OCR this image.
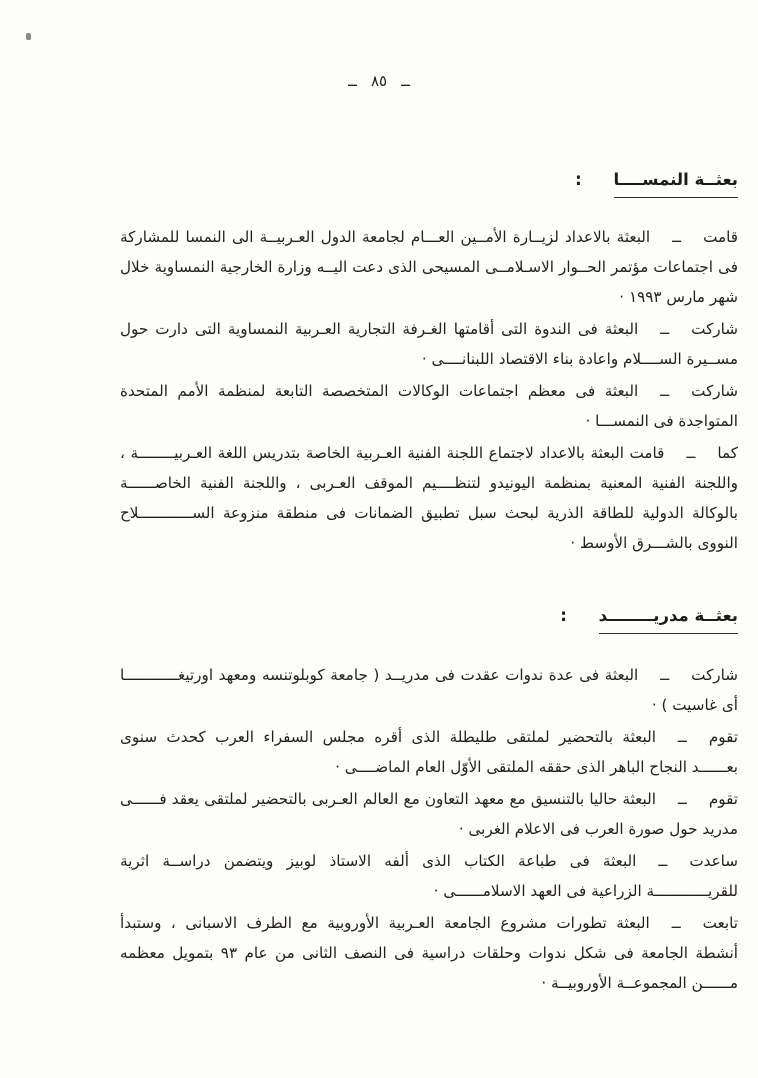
ــ٨٥ــ
بعثــة النمســــا :

قامتــالبعثة بالاعداد لزيــارة الأمــين العـــام لجامعة الدول العـربيــة الى النمسا للمشاركة فى اجتماعات مؤتمر الحــوار الاسـلامــى المسيحى الذى دعت اليــه وزارة الخارجية النمساوية خلال شهر مارس ١٩٩٣ ·

شاركتــالبعثة فى الندوة التى أقامتها الغـرفة التجارية العـربية النمساوية التى دارت حول مســيرة الســــلام واعادة بناء الاقتصاد اللبنانــــى ·

شاركتــالبعثة فى معظم اجتماعات الوكالات المتخصصة التابعة لمنظمة الأمم المتحدة المتواجدة فى النمســـا ·

كماــقامت البعثة بالاعداد لاجتماع اللجنة الفنية العـربية الخاصة بتدريس اللغة العـربيــــــــة ، واللجنة الفنية المعنية بمنظمة اليونيدو لتنظــــيم الموقف العـربى ، واللجنة الفنية الخاصــــــة بالوكالة الدولية للطاقة الذرية لبحث سبل تطبيق الضمانات فى منطقة منزوعة الســــــــــــلاح النووى بالشـــرق الأوسط ·

بعثــة مدريــــــــد :

شاركتــالبعثة فى عدة ندوات عقدت فى مدريــد ( جامعة كوبلوتنسه ومعهد اورتيغــــــــــــا أى غاسيت ) ·

تقومــالبعثة بالتحضير لملتقى طليطلة الذى أقره مجلس السفراء العرب كحدث سنوى بعــــــد النجاح الباهر الذى حققه الملتقى الأوّل العام الماضــــى ·

تقومــالبعثة حاليا بالتنسيق مع معهد التعاون مع العالم العـربى بالتحضير لملتقى يعقد فــــــى مدريد حول صورة العرب فى الاعلام الغربى ·

ساعدتــالبعثة فى طباعة الكتاب الذى ألفه الاستاذ لوبيز ويتضمن دراســة اثرية للقريــــــــــــة الزراعية فى العهد الاسلامــــــى ·

تابعتــالبعثة تطورات مشروع الجامعة العـربية الأوروبية مع الطرف الاسبانى ، وستبدأ أنشطة الجامعة فى شكل ندوات وحلقات دراسية فى النصف الثانى من عام ٩٣ بتمويل معظمه مــــــن المجموعــة الأوروبيــة ·
